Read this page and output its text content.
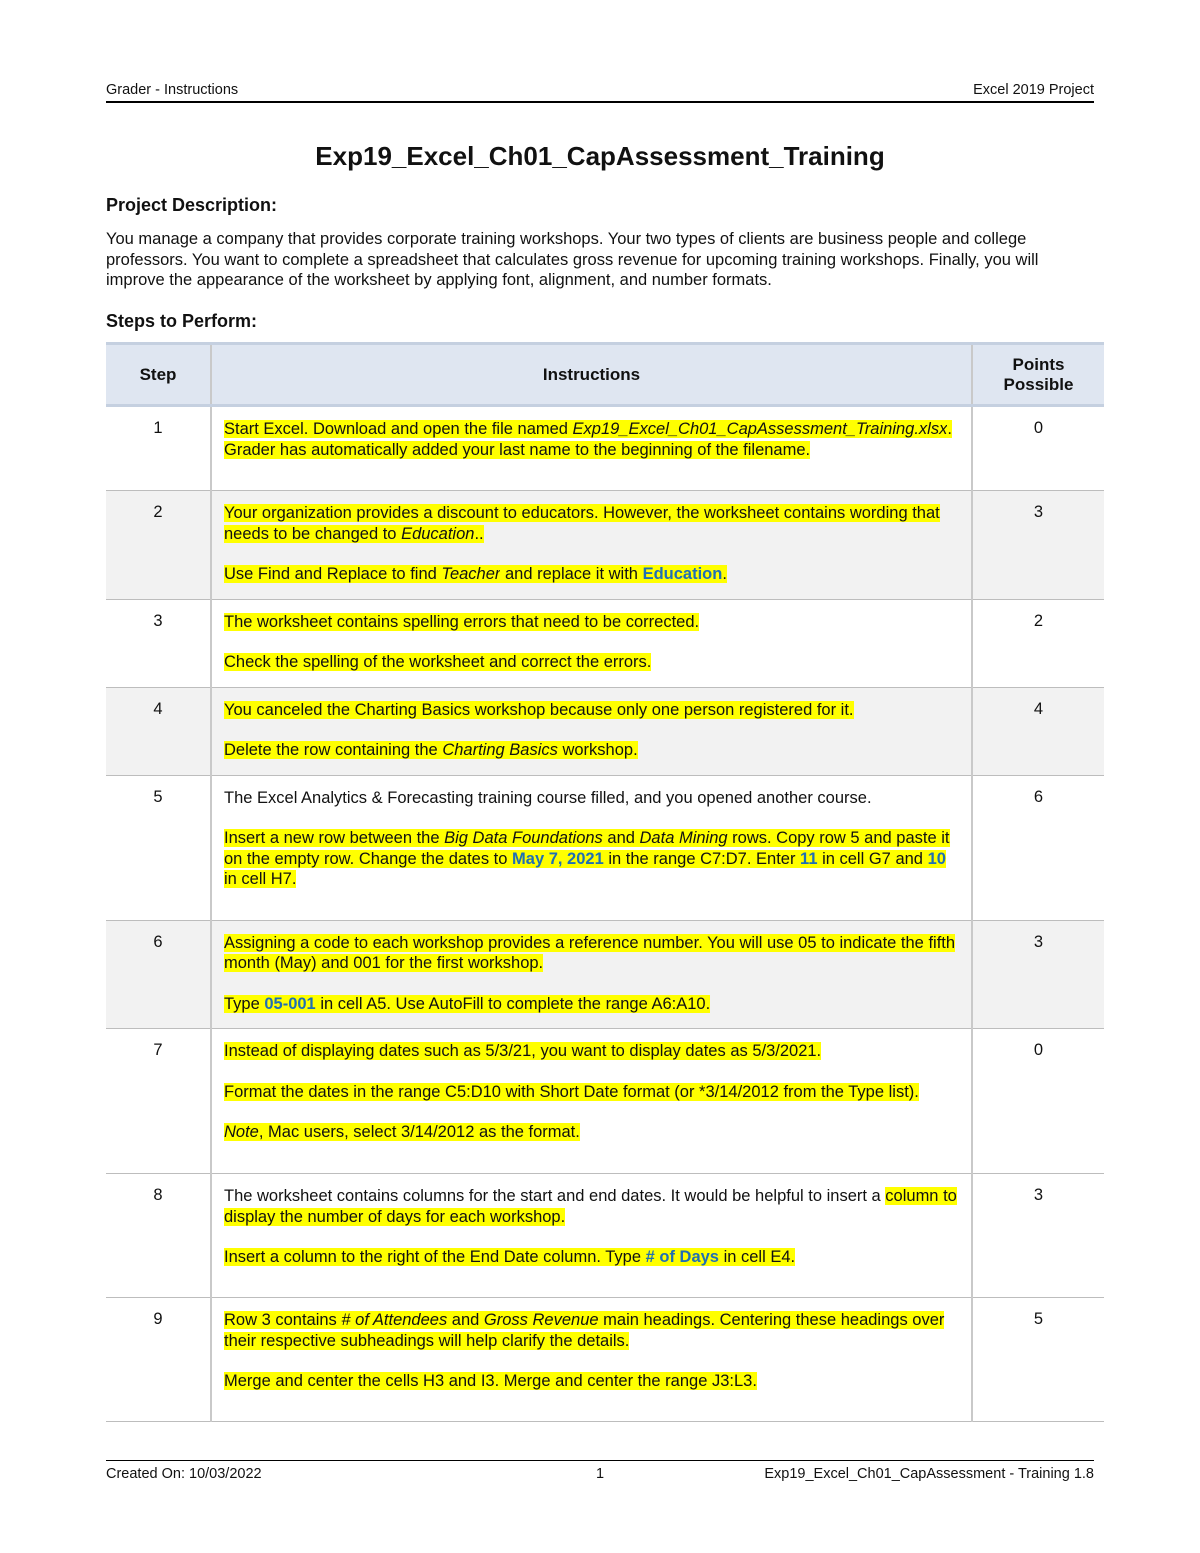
Grader - Instructions	Excel 2019 Project
Exp19_Excel_Ch01_CapAssessment_Training
Project Description:
You manage a company that provides corporate training workshops. Your two types of clients are business people and college professors. You want to complete a spreadsheet that calculates gross revenue for upcoming training workshops. Finally, you will improve the appearance of the worksheet by applying font, alignment, and number formats.
Steps to Perform:
Step	Instructions	Points
Possible
1	Start Excel. Download and open the file named Exp19_Excel_Ch01_CapAssessment_Training.xlsx. Grader has automatically added your last name to the beginning of the filename.	0
2	Your organization provides a discount to educators. However, the worksheet contains wording that needs to be changed to Education..

Use Find and Replace to find Teacher and replace it with Education.	3
3	The worksheet contains spelling errors that need to be corrected.

Check the spelling of the worksheet and correct the errors.	2
4	You canceled the Charting Basics workshop because only one person registered for it.

Delete the row containing the Charting Basics workshop.	4
5	The Excel Analytics & Forecasting training course filled, and you opened another course.

Insert a new row between the Big Data Foundations and Data Mining rows. Copy row 5 and paste it on the empty row. Change the dates to May 7, 2021 in the range C7:D7. Enter 11 in cell G7 and 10 in cell H7.	6
6	Assigning a code to each workshop provides a reference number. You will use 05 to indicate the fifth month (May) and 001 for the first workshop.

Type 05-001 in cell A5. Use AutoFill to complete the range A6:A10.	3
7	Instead of displaying dates such as 5/3/21, you want to display dates as 5/3/2021.

Format the dates in the range C5:D10 with Short Date format (or *3/14/2012 from the Type list).

Note, Mac users, select 3/14/2012 as the format.	0
8	The worksheet contains columns for the start and end dates. It would be helpful to insert a column to display the number of days for each workshop.

Insert a column to the right of the End Date column. Type # of Days in cell E4.	3
9	Row 3 contains # of Attendees and Gross Revenue main headings. Centering these headings over their respective subheadings will help clarify the details.

Merge and center the cells H3 and I3. Merge and center the range J3:L3.	5
Created On: 10/03/2022	1	Exp19_Excel_Ch01_CapAssessment - Training 1.8
